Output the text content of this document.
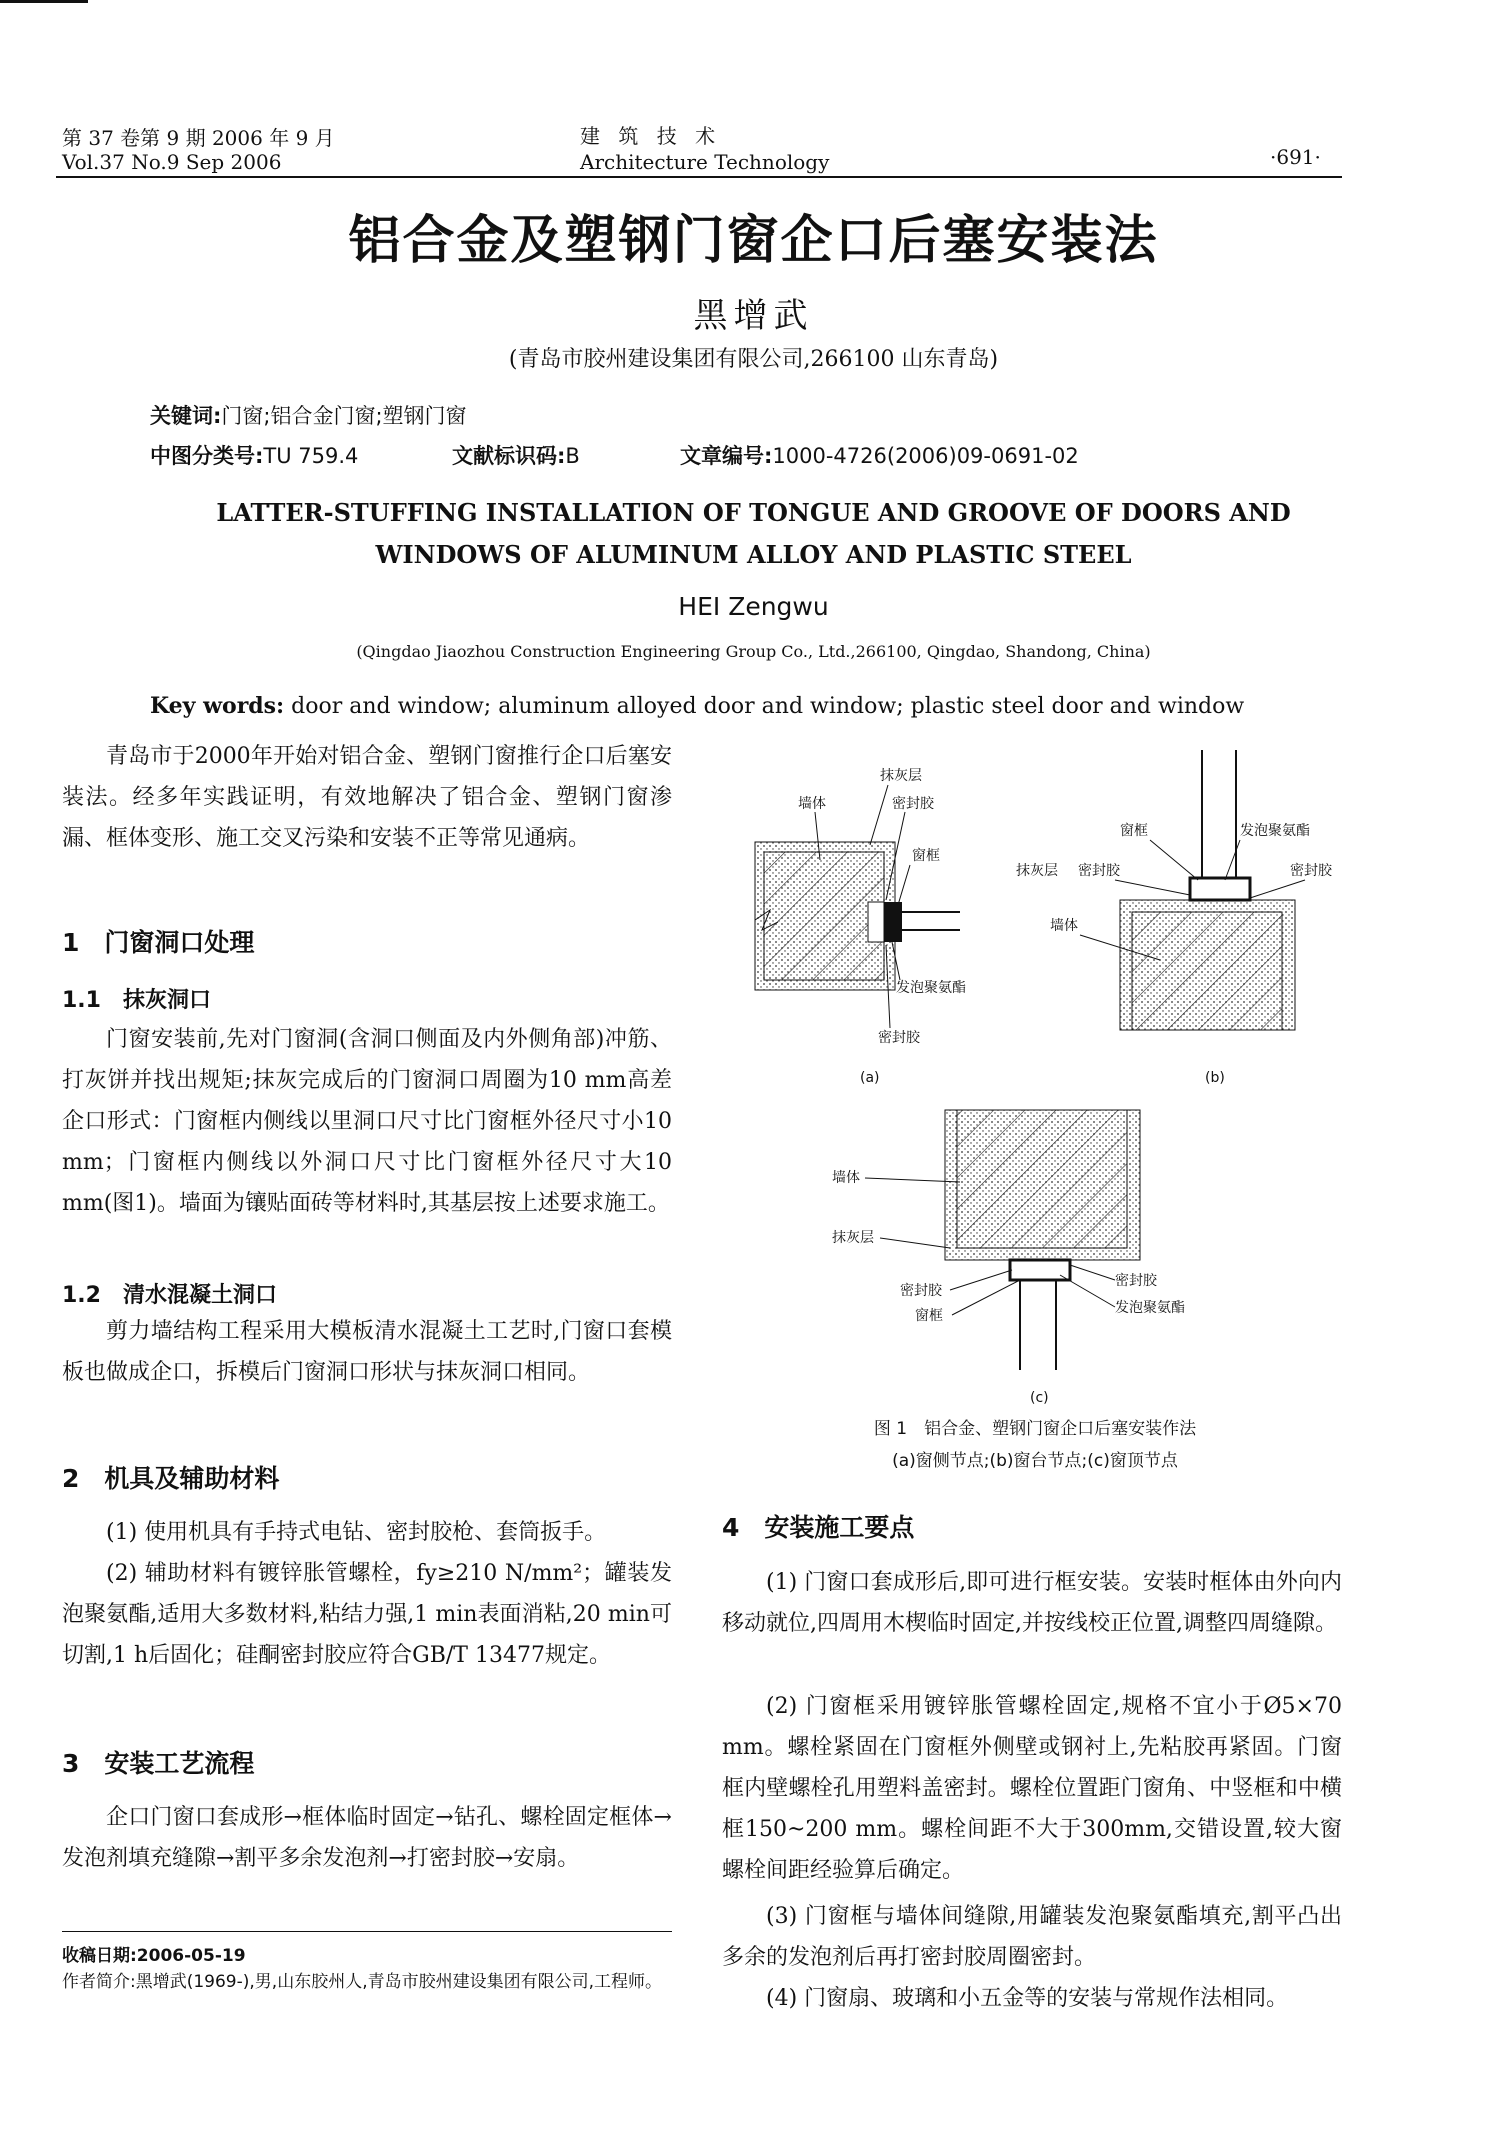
第 37 卷第 9 期 2006 年 9 月
Vol.37 No.9 Sep 2006
建 筑 技 术
Architecture Technology	·691·
铝合金及塑钢门窗企口后塞安装法
黑增武
(青岛市胶州建设集团有限公司,266100 山东青岛)
关键词:门窗;铝合金门窗;塑钢门窗
中图分类号:TU 759.4	文献标识码:B	文章编号:1000-4726(2006)09-0691-02
LATTER-STUFFING INSTALLATION OF TONGUE AND GROOVE OF DOORS AND
WINDOWS OF ALUMINUM ALLOY AND PLASTIC STEEL
HEI Zengwu
(Qingdao Jiaozhou Construction Engineering Group Co., Ltd.,266100, Qingdao, Shandong, China)
Key words: door and window; aluminum alloyed door and window; plastic steel door and window
青岛市于2000年开始对铝合金、塑钢门窗推行企口后塞安装法。经多年实践证明，有效地解决了铝合金、塑钢门窗渗漏、框体变形、施工交叉污染和安装不正等常见通病。
1　门窗洞口处理
1.1　抹灰洞口
门窗安装前,先对门窗洞(含洞口侧面及内外侧角部)冲筋、打灰饼并找出规矩;抹灰完成后的门窗洞口周圈为10 mm高差企口形式：门窗框内侧线以里洞口尺寸比门窗框外径尺寸小10 mm；门窗框内侧线以外洞口尺寸比门窗框外径尺寸大10 mm(图1)。墙面为镶贴面砖等材料时,其基层按上述要求施工。
1.2　清水混凝土洞口
剪力墙结构工程采用大模板清水混凝土工艺时,门窗口套模板也做成企口，拆模后门窗洞口形状与抹灰洞口相同。
2　机具及辅助材料
(1) 使用机具有手持式电钻、密封胶枪、套筒扳手。
(2) 辅助材料有镀锌胀管螺栓，fy≥210 N/mm²；罐装发泡聚氨酯,适用大多数材料,粘结力强,1 min表面消粘,20 min可切割,1 h后固化；硅酮密封胶应符合GB/T 13477规定。
3　安装工艺流程
企口门窗口套成形→框体临时固定→钻孔、螺栓固定框体→发泡剂填充缝隙→割平多余发泡剂→打密封胶→安扇。
收稿日期:2006-05-19
作者简介:黑增武(1969-),男,山东胶州人,青岛市胶州建设集团有限公司,工程师。
抹灰层
墙体	密封胶
窗框
发泡聚氨酯
密封胶
(a)
窗框	发泡聚氨酯
抹灰层 密封胶	密封胶
墙体
(b)
墙体
抹灰层
密封胶
窗框
密封胶
发泡聚氨酯
(c)
图 1　铝合金、塑钢门窗企口后塞安装作法
(a)窗侧节点;(b)窗台节点;(c)窗顶节点
4　安装施工要点
(1) 门窗口套成形后,即可进行框安装。安装时框体由外向内移动就位,四周用木楔临时固定,并按线校正位置,调整四周缝隙。
(2) 门窗框采用镀锌胀管螺栓固定,规格不宜小于Ø5×70 mm。螺栓紧固在门窗框外侧壁或钢衬上,先粘胶再紧固。门窗框内壁螺栓孔用塑料盖密封。螺栓位置距门窗角、中竖框和中横框150~200 mm。螺栓间距不大于300mm,交错设置,较大窗螺栓间距经验算后确定。
(3) 门窗框与墙体间缝隙,用罐装发泡聚氨酯填充,割平凸出多余的发泡剂后再打密封胶周圈密封。
(4) 门窗扇、玻璃和小五金等的安装与常规作法相同。
